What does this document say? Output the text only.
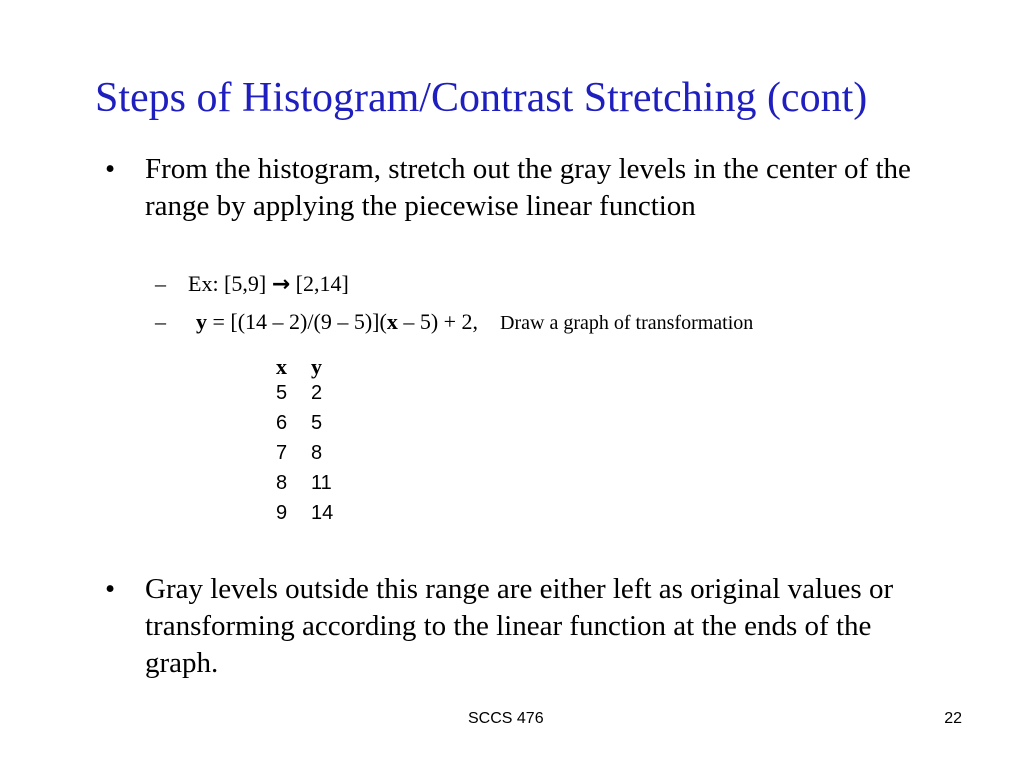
Steps of Histogram/Contrast Stretching (cont)
• From the histogram, stretch out the gray levels in the center of the range by applying the piecewise linear function
– Ex: [5,9] → [2,14]
– y = [(14 – 2)/(9 – 5)](x – 5) + 2, Draw a graph of transformation
x	y
5	2
6	5
7	8
8	11
9	14
• Gray levels outside this range are either left as original values or transforming according to the linear function at the ends of the graph.
SCCS 476	22
